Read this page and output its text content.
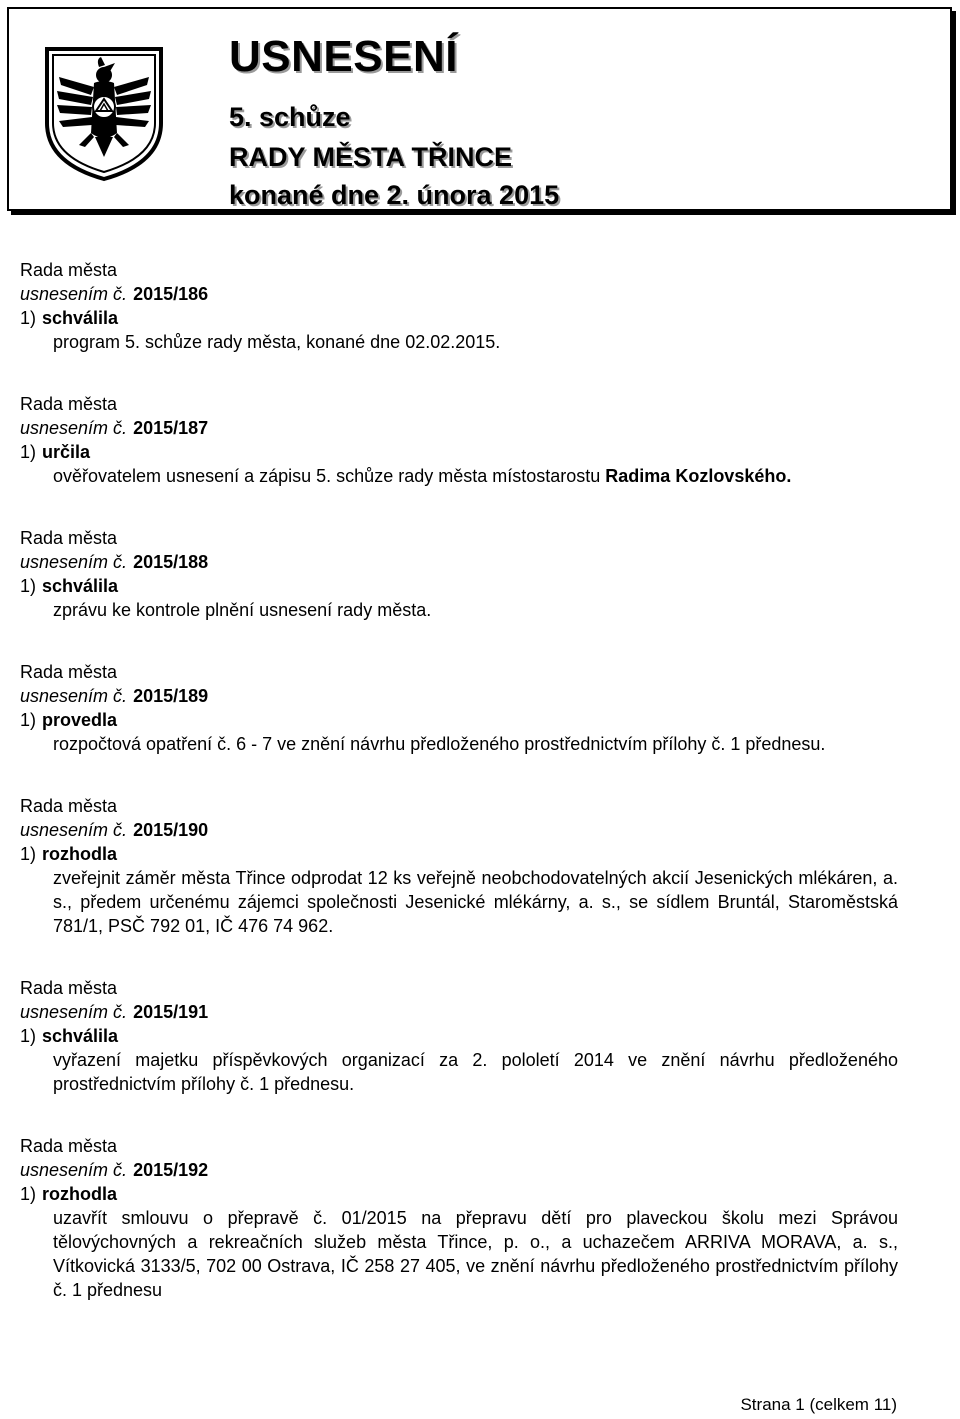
USNESENÍ
5. schůze
RADY MĚSTA TŘINCE
konané dne 2. února 2015
Rada města
usnesením č. 2015/186
1) schválila
program 5. schůze rady města, konané dne 02.02.2015.
Rada města
usnesením č. 2015/187
1) určila
ověřovatelem usnesení a zápisu 5. schůze rady města místostarostu Radima Kozlovského.
Rada města
usnesením č. 2015/188
1) schválila
zprávu ke kontrole plnění usnesení rady města.
Rada města
usnesením č. 2015/189
1) provedla
rozpočtová opatření č. 6 - 7 ve znění návrhu předloženého prostřednictvím přílohy č. 1 přednesu.
Rada města
usnesením č. 2015/190
1) rozhodla
zveřejnit záměr města Třince odprodat 12 ks veřejně neobchodovatelných akcií Jesenických mlékáren, a. s., předem určenému zájemci společnosti Jesenické mlékárny, a. s., se sídlem Bruntál, Staroměstská 781/1, PSČ 792 01, IČ 476 74 962.
Rada města
usnesením č. 2015/191
1) schválila
vyřazení majetku příspěvkových organizací za 2. pololetí 2014 ve znění návrhu předloženého prostřednictvím přílohy č. 1 přednesu.
Rada města
usnesením č. 2015/192
1) rozhodla
uzavřít smlouvu o přepravě č. 01/2015 na přepravu dětí pro plaveckou školu mezi Správou tělovýchovných a rekreačních služeb města Třince, p. o., a uchazečem ARRIVA MORAVA, a. s., Vítkovická 3133/5, 702 00 Ostrava, IČ 258 27 405, ve znění návrhu předloženého prostřednictvím přílohy č. 1 přednesu
Strana 1 (celkem 11)
